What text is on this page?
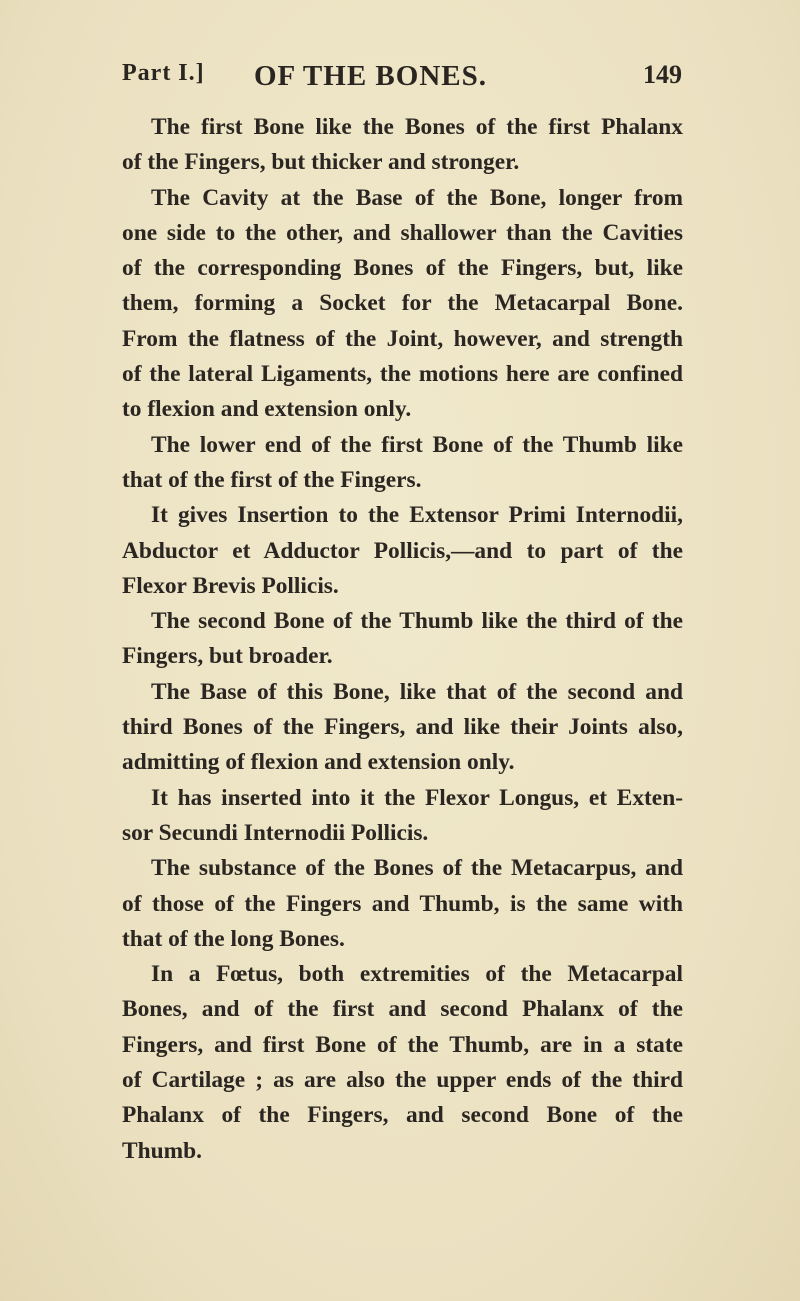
Part I.] OF THE BONES.	149
The first Bone like the Bones of the first Phalanx
of the Fingers, but thicker and stronger.
The Cavity at the Base of the Bone, longer from
one side to the other, and shallower than the Cavities
of the corresponding Bones of the Fingers, but, like
them, forming a Socket for the Metacarpal Bone.
From the flatness of the Joint, however, and strength
of the lateral Ligaments, the motions here are confined
to flexion and extension only.
The lower end of the first Bone of the Thumb like
that of the first of the Fingers.
It gives Insertion to the Extensor Primi Internodii,
Abductor et Adductor Pollicis,—and to part of the
Flexor Brevis Pollicis.
The second Bone of the Thumb like the third of the
Fingers, but broader.
The Base of this Bone, like that of the second and
third Bones of the Fingers, and like their Joints also,
admitting of flexion and extension only.
It has inserted into it the Flexor Longus, et Exten-
sor Secundi Internodii Pollicis.
The substance of the Bones of the Metacarpus, and
of those of the Fingers and Thumb, is the same with
that of the long Bones.
In a Fœtus, both extremities of the Metacarpal
Bones, and of the first and second Phalanx of the
Fingers, and first Bone of the Thumb, are in a state
of Cartilage ; as are also the upper ends of the third
Phalanx of the Fingers, and second Bone of the
Thumb.
